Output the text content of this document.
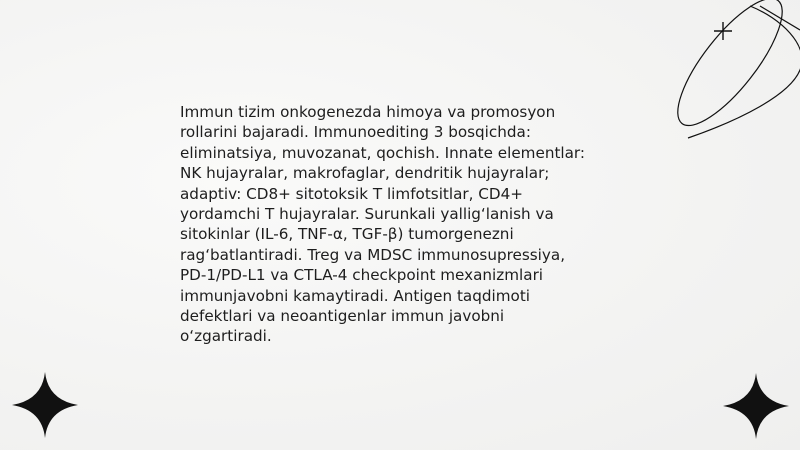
Immun tizim onkogenezda himoya va promosyon
rollarini bajaradi. Immunoediting 3 bosqichda:
eliminatsiya, muvozanat, qochish. Innate elementlar:
NK hujayralar, makrofaglar, dendritik hujayralar;
adaptiv: CD8+ sitotoksik T limfotsitlar, CD4+
yordamchi T hujayralar. Surunkali yallig‘lanish va
sitokinlar (IL-6, TNF-α, TGF-β) tumorgenezni
rag‘batlantiradi. Treg va MDSC immunosupressiya,
PD-1/PD-L1 va CTLA-4 checkpoint mexanizmlari
immunjavobni kamaytiradi. Antigen taqdimoti
defektlari va neoantigenlar immun javobni
o‘zgartiradi.
